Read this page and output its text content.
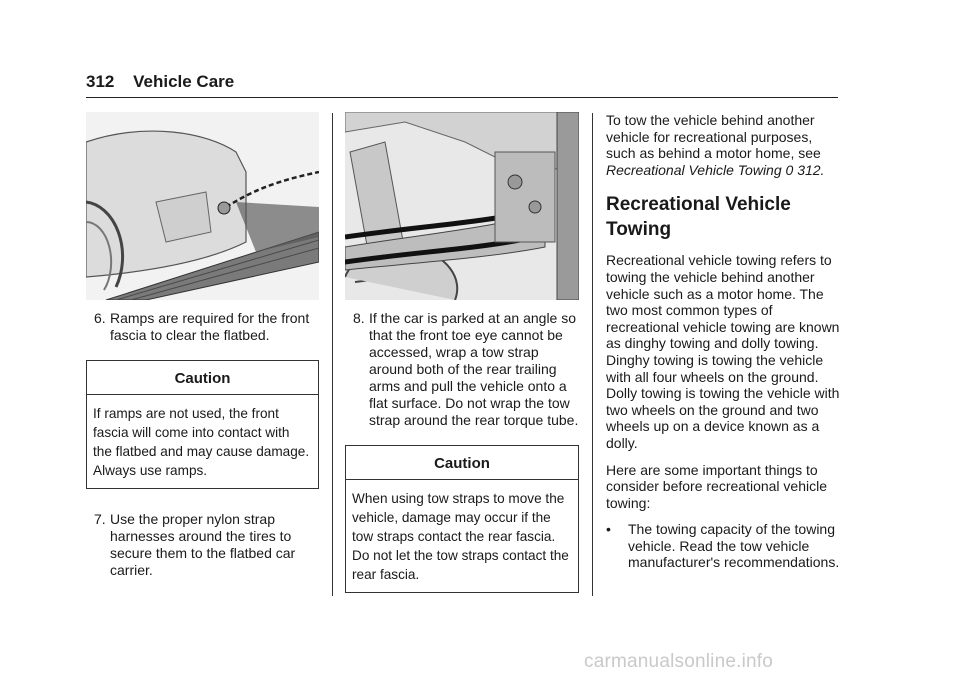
312 Vehicle Care
6. Ramps are required for the front fascia to clear the flatbed.
Caution
If ramps are not used, the front fascia will come into contact with the flatbed and may cause damage. Always use ramps.
7. Use the proper nylon strap harnesses around the tires to secure them to the flatbed car carrier.
8. If the car is parked at an angle so that the front toe eye cannot be accessed, wrap a tow strap around both of the rear trailing arms and pull the vehicle onto a flat surface. Do not wrap the tow strap around the rear torque tube.
Caution
When using tow straps to move the vehicle, damage may occur if the tow straps contact the rear fascia. Do not let the tow straps contact the rear fascia.

To tow the vehicle behind another vehicle for recreational purposes, such as behind a motor home, see Recreational Vehicle Towing 0 312.

Recreational Vehicle Towing

Recreational vehicle towing refers to towing the vehicle behind another vehicle such as a motor home. The two most common types of recreational vehicle towing are known as dinghy towing and dolly towing. Dinghy towing is towing the vehicle with all four wheels on the ground. Dolly towing is towing the vehicle with two wheels on the ground and two wheels up on a device known as a dolly.

Here are some important things to consider before recreational vehicle towing:

• The towing capacity of the towing vehicle. Read the tow vehicle manufacturer's recommendations.
carmanualsonline.info
